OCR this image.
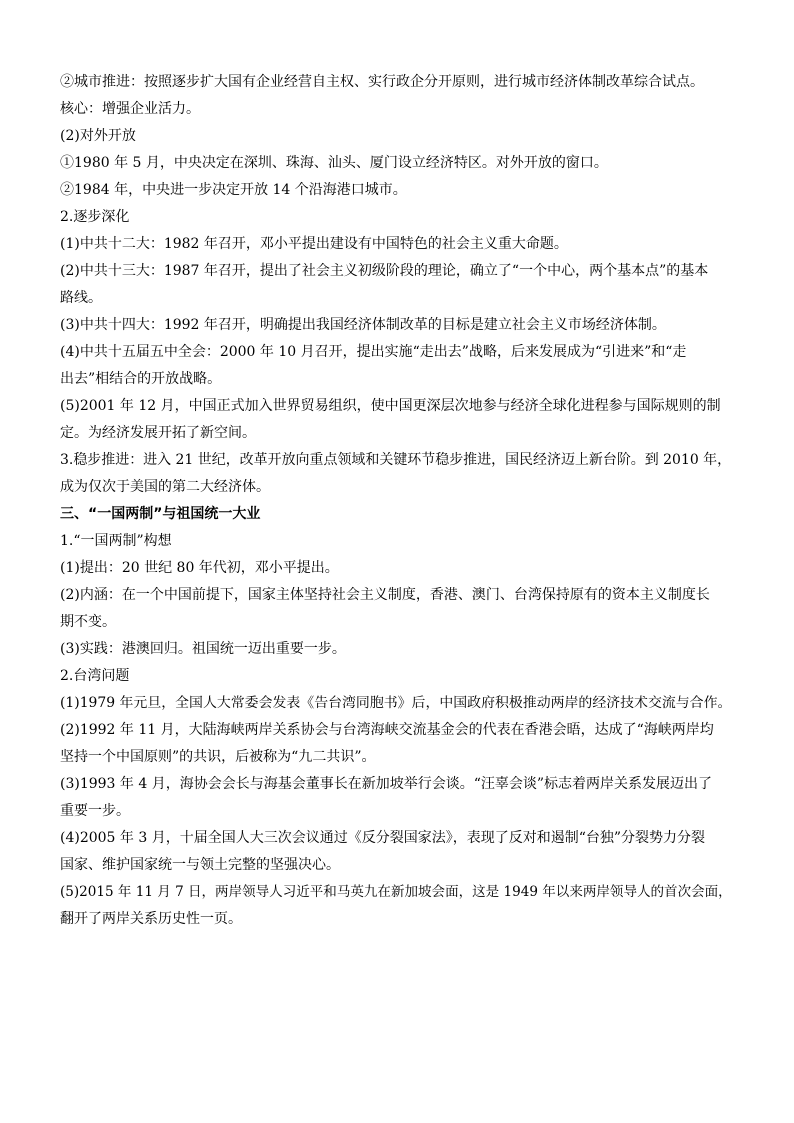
②城市推进：按照逐步扩大国有企业经营自主权、实行政企分开原则，进行城市经济体制改革综合试点。
核心：增强企业活力。
(2)对外开放
①1980 年 5 月，中央决定在深圳、珠海、汕头、厦门设立经济特区。对外开放的窗口。
②1984 年，中央进一步决定开放 14 个沿海港口城市。
2.逐步深化
(1)中共十二大：1982 年召开，邓小平提出建设有中国特色的社会主义重大命题。
(2)中共十三大：1987 年召开，提出了社会主义初级阶段的理论，确立了“一个中心，两个基本点”的基本
路线。
(3)中共十四大：1992 年召开，明确提出我国经济体制改革的目标是建立社会主义市场经济体制。
(4)中共十五届五中全会：2000 年 10 月召开，提出实施“走出去”战略，后来发展成为“引进来”和“走
出去”相结合的开放战略。
(5)2001 年 12 月，中国正式加入世界贸易组织，使中国更深层次地参与经济全球化进程参与国际规则的制
定。为经济发展开拓了新空间。
3.稳步推进：进入 21 世纪，改革开放向重点领域和关键环节稳步推进，国民经济迈上新台阶。到 2010 年，
成为仅次于美国的第二大经济体。
三、“一国两制”与祖国统一大业
1.“一国两制”构想
(1)提出：20 世纪 80 年代初，邓小平提出。
(2)内涵：在一个中国前提下，国家主体坚持社会主义制度，香港、澳门、台湾保持原有的资本主义制度长
期不变。
(3)实践：港澳回归。祖国统一迈出重要一步。
2.台湾问题
(1)1979 年元旦，全国人大常委会发表《告台湾同胞书》后，中国政府积极推动两岸的经济技术交流与合作。
(2)1992 年 11 月，大陆海峡两岸关系协会与台湾海峡交流基金会的代表在香港会晤，达成了“海峡两岸均
坚持一个中国原则”的共识，后被称为“九二共识”。
(3)1993 年 4 月，海协会会长与海基会董事长在新加坡举行会谈。“汪辜会谈”标志着两岸关系发展迈出了
重要一步。
(4)2005 年 3 月，十届全国人大三次会议通过《反分裂国家法》，表现了反对和遏制“台独”分裂势力分裂
国家、维护国家统一与领土完整的坚强决心。
(5)2015 年 11 月 7 日，两岸领导人习近平和马英九在新加坡会面，这是 1949 年以来两岸领导人的首次会面，
翻开了两岸关系历史性一页。
